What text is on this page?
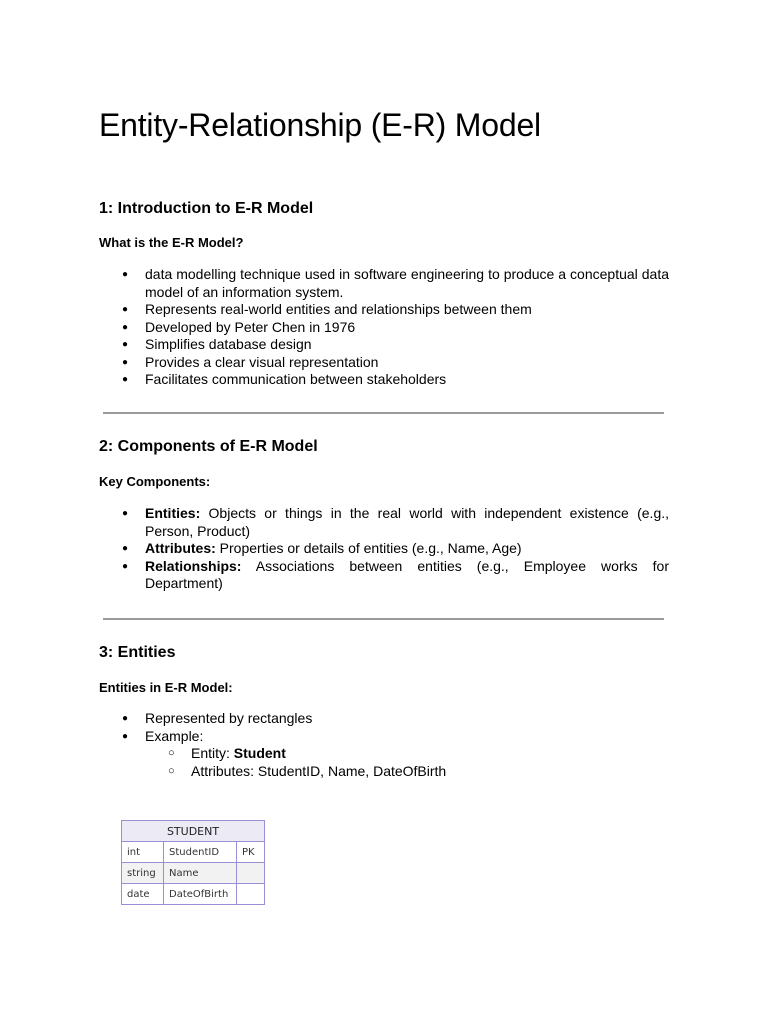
Entity-Relationship (E-R) Model
1: Introduction to E-R Model
What is the E-R Model?
● data modelling technique used in software engineering to produce a conceptual data model of an information system.
● Represents real-world entities and relationships between them
● Developed by Peter Chen in 1976
● Simplifies database design
● Provides a clear visual representation
● Facilitates communication between stakeholders
2: Components of E-R Model
Key Components:
● Entities: Objects or things in the real world with independent existence (e.g., Person, Product)
● Attributes: Properties or details of entities (e.g., Name, Age)
● Relationships: Associations between entities (e.g., Employee works for Department)
3: Entities
Entities in E-R Model:
● Represented by rectangles
● Example:
○ Entity: Student
○ Attributes: StudentID, Name, DateOfBirth
STUDENT		
int	StudentID	PK
string	Name	
date	DateOfBirth	
